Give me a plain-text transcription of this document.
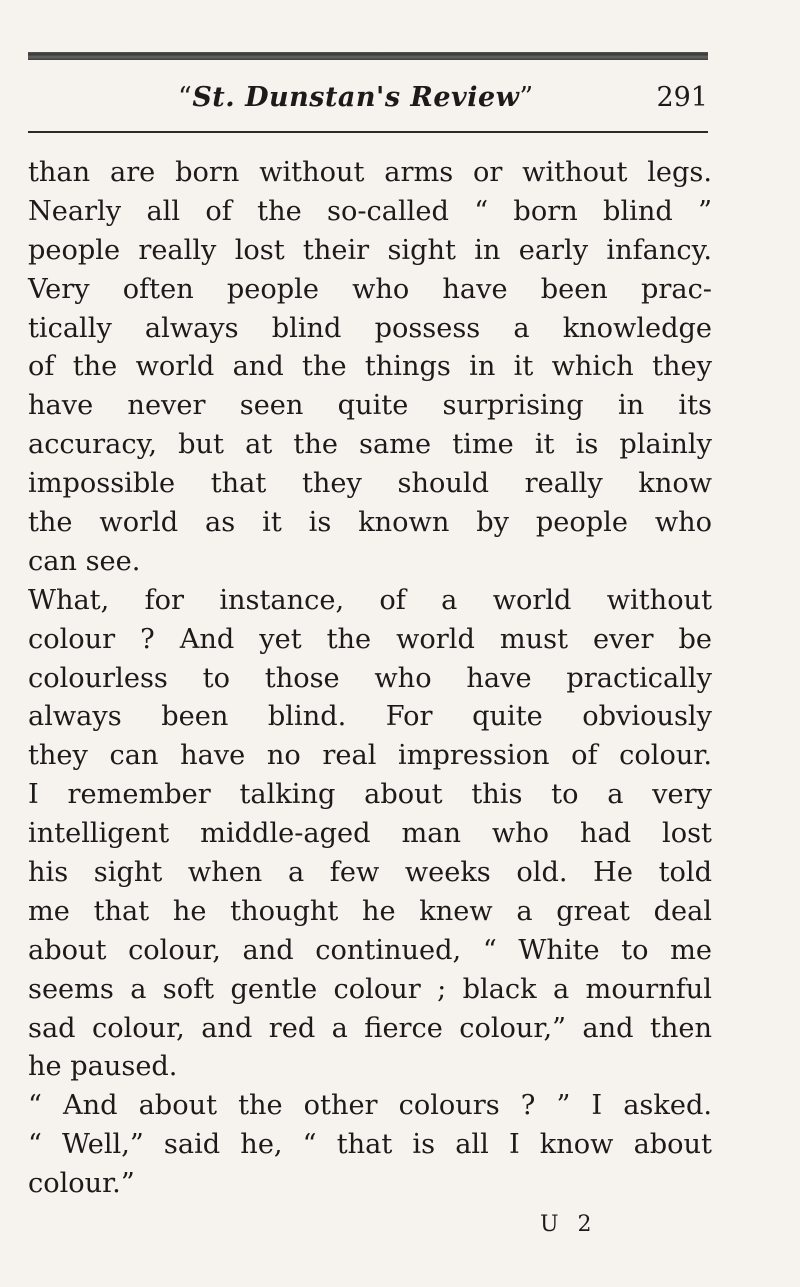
“St. Dunstan's Review”	291
than are born without arms or without legs.
Nearly all of the so-called “ born blind ”
people really lost their sight in early infancy.
Very often people who have been prac-
tically always blind possess a knowledge
of the world and the things in it which they
have never seen quite surprising in its
accuracy, but at the same time it is plainly
impossible that they should really know
the world as it is known by people who
can see.
What, for instance, of a world without
colour ? And yet the world must ever be
colourless to those who have practically
always been blind. For quite obviously
they can have no real impression of colour.
I remember talking about this to a very
intelligent middle-aged man who had lost
his sight when a few weeks old. He told
me that he thought he knew a great deal
about colour, and continued, “ White to me
seems a soft gentle colour ; black a mournful
sad colour, and red a fierce colour,” and then
he paused.
“ And about the other colours ? ” I asked.
“ Well,” said he, “ that is all I know about
colour.”
U 2
